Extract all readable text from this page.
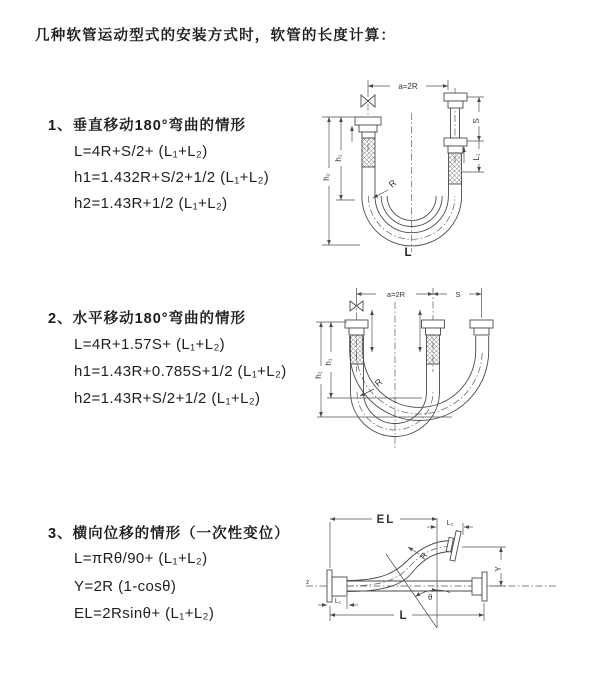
几种软管运动型式的安装方式时，软管的长度计算：
1、垂直移动180°弯曲的情形
L=4R+S/2+ (L₁+L₂)
h1=1.432R+S/2+1/2 (L₁+L₂)
h2=1.43R+1/2 (L₁+L₂)
2、水平移动180°弯曲的情形
L=4R+1.57S+ (L₁+L₂)
h1=1.43R+0.785S+1/2 (L₁+L₂)
h2=1.43R+S/2+1/2 (L₁+L₂)
3、横向位移的情形（一次性变位）
L=πRθ/90+ (L₁+L₂)
Y=2R (1-cosθ)
EL=2Rsinθ+ (L₁+L₂)
a=2R
R
L
S
L₁
h₁
h₂
a=2R	S
R
h₁
h₂
z
EL	L₂
Y
R
θ
L
L₁
